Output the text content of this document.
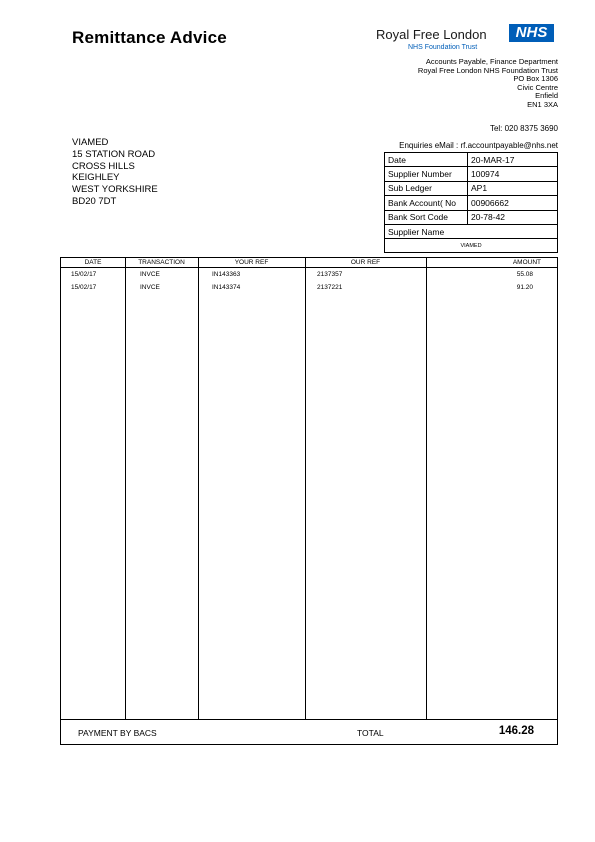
Remittance Advice	Royal Free London	NHS
NHS Foundation Trust
Accounts Payable, Finance Department
Royal Free London NHS Foundation Trust
PO Box 1306
Civic Centre
Enfield
EN1 3XA
Tel: 020 8375 3690
Enquiries eMail : rf.accountpayable@nhs.net
VIAMED
15 STATION ROAD
CROSS HILLS
KEIGHLEY
WEST YORKSHIRE
BD20 7DT
Date	20-MAR-17
Supplier Number	100974
Sub Ledger	AP1
Bank Account( No	00906662
Bank Sort Code	20-78-42
Supplier Name	
VIAMED
DATE	TRANSACTION	YOUR REF	OUR REF	AMOUNT
15/02/17	INVCE	IN143363	2137357	55.08
15/02/17	INVCE	IN143374	2137221	91.20
PAYMENT BY BACS	TOTAL	146.28
